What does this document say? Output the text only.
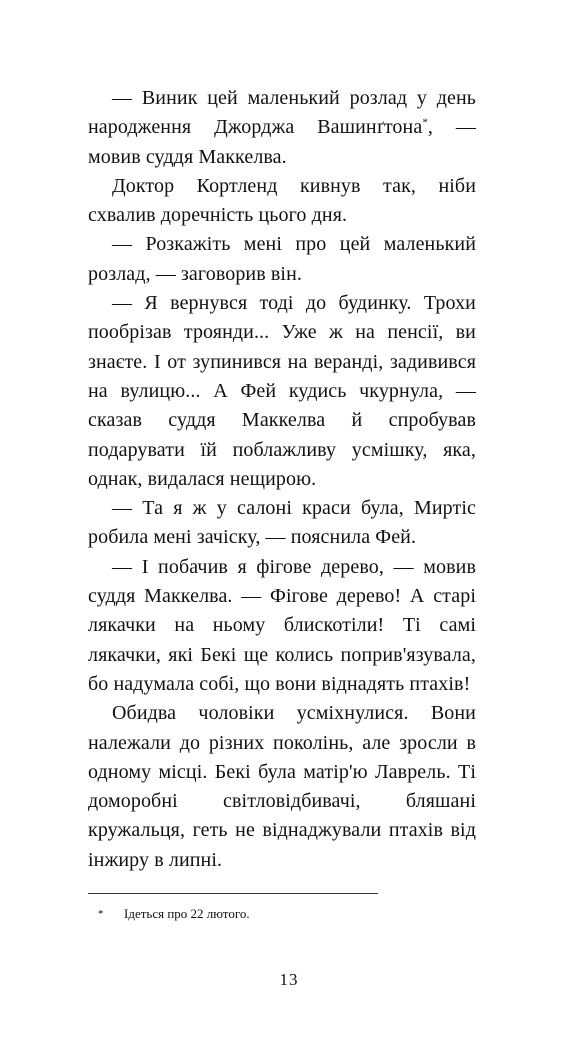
— Виник цей маленький розлад у день народження Джорджа Вашинґтона*, — мовив суддя Маккелва.

Доктор Кортленд кивнув так, ніби схвалив доречність цього дня.

— Розкажіть мені про цей маленький розлад, — заговорив він.

— Я вернувся тоді до будинку. Трохи пообрізав троянди... Уже ж на пенсії, ви знаєте. І от зупинився на веранді, задивився на вулицю... А Фей кудись чкурнула, — сказав суддя Маккелва й спробував подарувати їй поблажливу усмішку, яка, однак, видалася нещирою.

— Та я ж у салоні краси була, Миртіс робила мені зачіску, — пояснила Фей.

— І побачив я фігове дерево, — мовив суддя Маккелва. — Фігове дерево! А старі лякачки на ньому блискотіли! Ті самі лякачки, які Бекі ще колись поприв'язувала, бо надумала собі, що вони віднадять птахів!

Обидва чоловіки усміхнулися. Вони належали до різних поколінь, але зросли в одному місці. Бекі була матір'ю Лаврель. Ті доморобні світловідбивачі, бляшані кружальця, геть не віднаджували птахів від інжиру в липні.

* Ідеться про 22 лютого.
13
